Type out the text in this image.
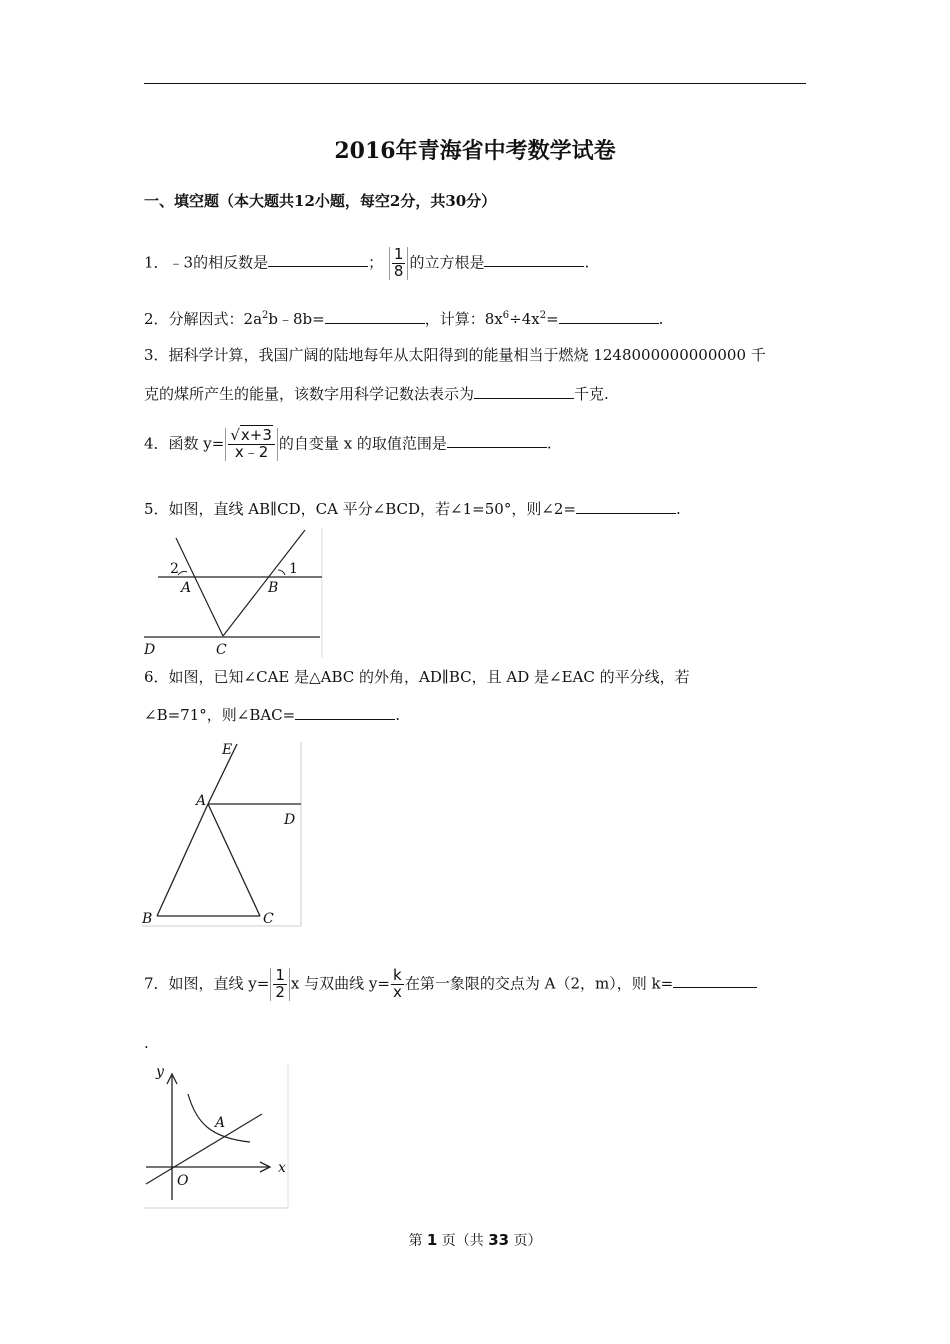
2016年青海省中考数学试卷
一、填空题（本大题共12小题，每空2分，共30分）
1．﹣3的相反数是	； $\frac{1}{8}$ 的立方根是	.
2．分解因式：$2a^2b﹣8b=$	，计算：$8x^6\div 4x^2=$	.
3．据科学计算，我国广阔的陆地每年从太阳得到的能量相当于燃烧 1248000000000000 千
克的煤所产生的能量，该数字用科学记数法表示为	千克.
4．函数 $y= \frac{√x+3}{x﹣2}$ 的自变量 x 的取值范围是	.
5．如图，直线 AB∥CD，CA 平分∠BCD，若∠1=50°，则∠2=	.
2	1
A	B
C
D
6．如图，已知∠CAE 是△ABC 的外角，AD∥BC，且 AD 是∠EAC 的平分线，若
∠B=71°，则∠BAC=	.
E
A
D
B	C
7．如图，直线 $y= \frac{1}{2}$ x 与双曲线 $y= \frac{k}{x}$ 在第一象限的交点为 A（2，m），则 k=
.
y
x
O
A
第 1 页（共 33 页）
